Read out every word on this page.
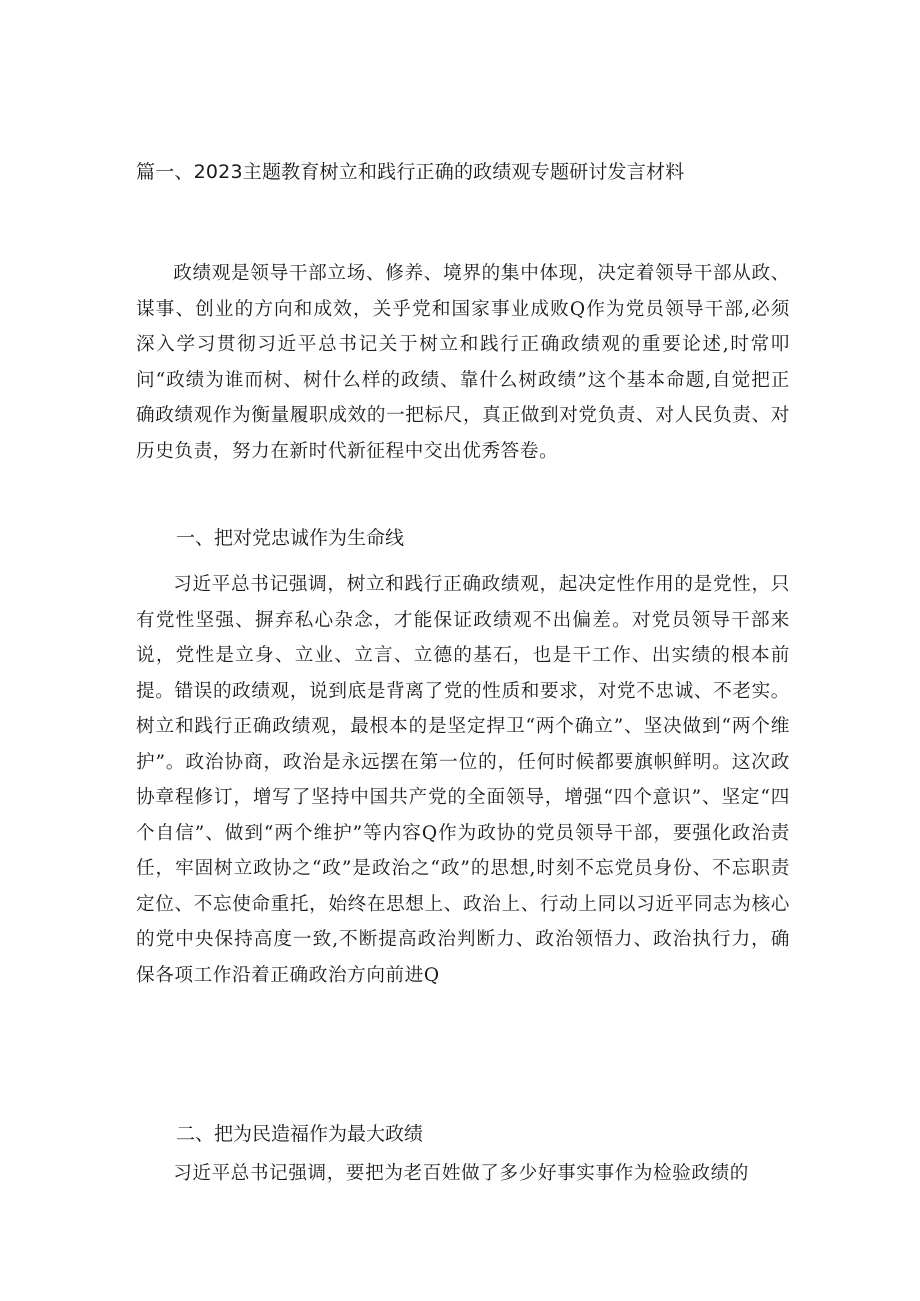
篇一、2023主题教育树立和践行正确的政绩观专题研讨发言材料
政绩观是领导干部立场、修养、境界的集中体现，决定着领导干部从政、谋事、创业的方向和成效，关乎党和国家事业成败Q作为党员领导干部,必须深入学习贯彻习近平总书记关于树立和践行正确政绩观的重要论述,时常叩问“政绩为谁而树、树什么样的政绩、靠什么树政绩”这个基本命题,自觉把正确政绩观作为衡量履职成效的一把标尺，真正做到对党负责、对人民负责、对历史负责，努力在新时代新征程中交出优秀答卷。
一、把对党忠诚作为生命线
习近平总书记强调，树立和践行正确政绩观，起决定性作用的是党性，只有党性坚强、摒弃私心杂念，才能保证政绩观不出偏差。对党员领导干部来说，党性是立身、立业、立言、立德的基石，也是干工作、出实绩的根本前提。错误的政绩观，说到底是背离了党的性质和要求，对党不忠诚、不老实。树立和践行正确政绩观，最根本的是坚定捍卫“两个确立”、坚决做到“两个维护”。政治协商，政治是永远摆在第一位的，任何时候都要旗帜鲜明。这次政协章程修订，增写了坚持中国共产党的全面领导，增强“四个意识”、坚定“四个自信”、做到“两个维护”等内容Q作为政协的党员领导干部，要强化政治责任，牢固树立政协之“政”是政治之“政”的思想,时刻不忘党员身份、不忘职责定位、不忘使命重托，始终在思想上、政治上、行动上同以习近平同志为核心的党中央保持高度一致,不断提高政治判断力、政治领悟力、政治执行力，确保各项工作沿着正确政治方向前进Q
二、把为民造福作为最大政绩
习近平总书记强调，要把为老百姓做了多少好事实事作为检验政绩的
